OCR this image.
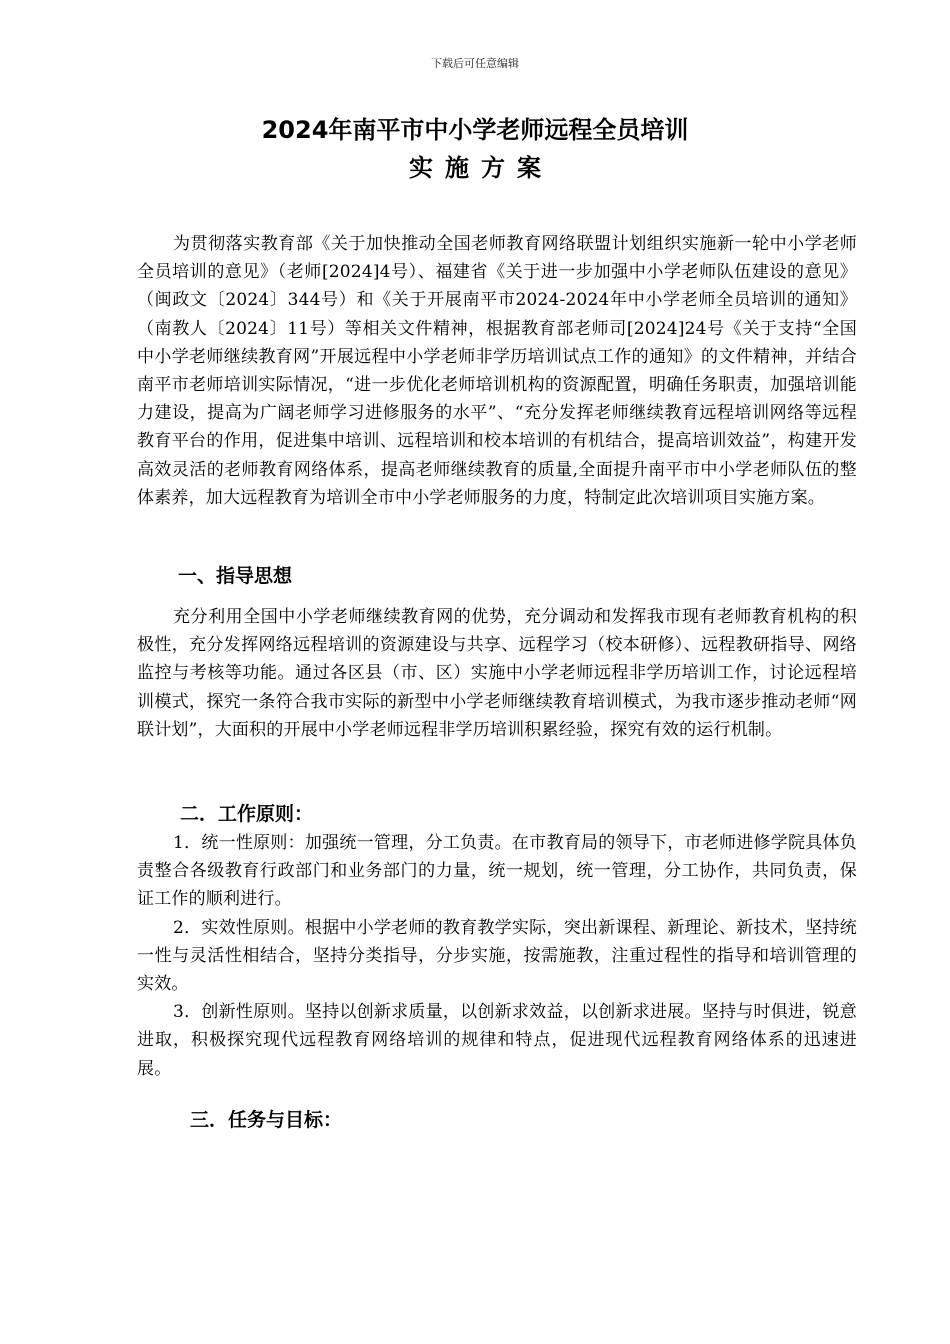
下载后可任意编辑
2024年南平市中小学老师远程全员培训
实施方案

为贯彻落实教育部《关于加快推动全国老师教育网络联盟计划组织实施新一轮中小学老师全员培训的意见》（老师[2024]4号）、福建省《关于进一步加强中小学老师队伍建设的意见》（闽政文〔2024〕344号）和《关于开展南平市2024-2024年中小学老师全员培训的通知》（南教人〔2024〕11号）等相关文件精神，根据教育部老师司[2024]24号《关于支持“全国中小学老师继续教育网”开展远程中小学老师非学历培训试点工作的通知》的文件精神，并结合南平市老师培训实际情况，“进一步优化老师培训机构的资源配置，明确任务职责，加强培训能力建设，提高为广阔老师学习进修服务的水平”、“充分发挥老师继续教育远程培训网络等远程教育平台的作用，促进集中培训、远程培训和校本培训的有机结合，提高培训效益”，构建开发高效灵活的老师教育网络体系，提高老师继续教育的质量,全面提升南平市中小学老师队伍的整体素养，加大远程教育为培训全市中小学老师服务的力度，特制定此次培训项目实施方案。

一、指导思想

充分利用全国中小学老师继续教育网的优势，充分调动和发挥我市现有老师教育机构的积极性，充分发挥网络远程培训的资源建设与共享、远程学习（校本研修）、远程教研指导、网络监控与考核等功能。通过各区县（市、区）实施中小学老师远程非学历培训工作，讨论远程培训模式，探究一条符合我市实际的新型中小学老师继续教育培训模式，为我市逐步推动老师“网联计划”，大面积的开展中小学老师远程非学历培训积累经验，探究有效的运行机制。

二．工作原则：

1．统一性原则：加强统一管理，分工负责。在市教育局的领导下，市老师进修学院具体负责整合各级教育行政部门和业务部门的力量，统一规划，统一管理，分工协作，共同负责，保证工作的顺利进行。

2．实效性原则。根据中小学老师的教育教学实际，突出新课程、新理论、新技术，坚持统一性与灵活性相结合，坚持分类指导，分步实施，按需施教，注重过程性的指导和培训管理的实效。

3．创新性原则。坚持以创新求质量，以创新求效益，以创新求进展。坚持与时俱进，锐意进取，积极探究现代远程教育网络培训的规律和特点，促进现代远程教育网络体系的迅速进展。

三．任务与目标：
